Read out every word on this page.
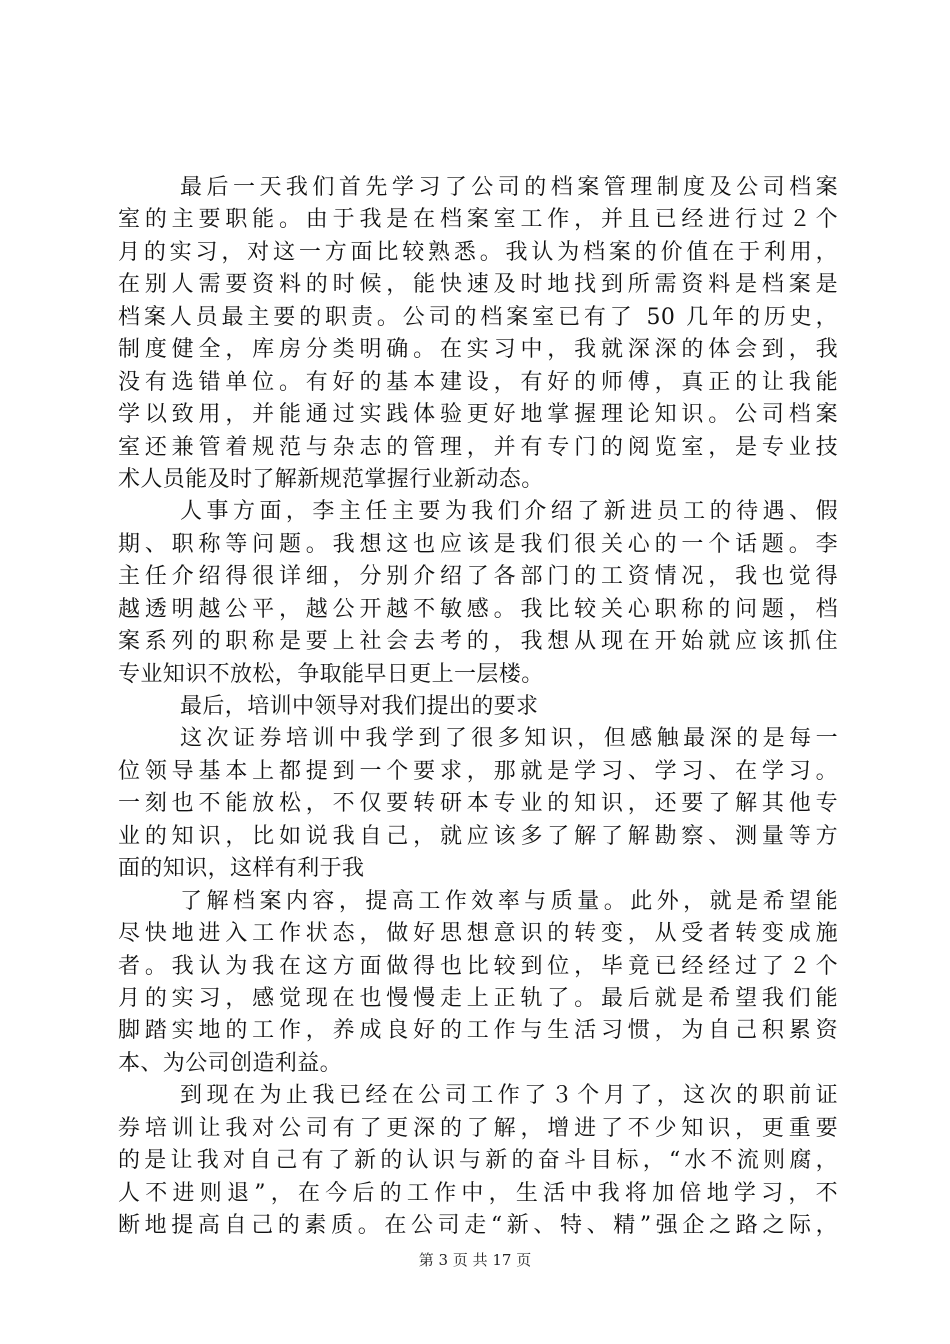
最后一天我们首先学习了公司的档案管理制度及公司档案
室的主要职能。由于我是在档案室工作，并且已经进行过２个
月的实习，对这一方面比较熟悉。我认为档案的价值在于利用，
在别人需要资料的时候，能快速及时地找到所需资料是档案是
档案人员最主要的职责。公司的档案室已有了 50 几年的历史，
制度健全，库房分类明确。在实习中，我就深深的体会到，我
没有选错单位。有好的基本建设，有好的师傅，真正的让我能
学以致用，并能通过实践体验更好地掌握理论知识。公司档案
室还兼管着规范与杂志的管理，并有专门的阅览室，是专业技
术人员能及时了解新规范掌握行业新动态。
人事方面，李主任主要为我们介绍了新进员工的待遇、假
期、职称等问题。我想这也应该是我们很关心的一个话题。李
主任介绍得很详细，分别介绍了各部门的工资情况，我也觉得
越透明越公平，越公开越不敏感。我比较关心职称的问题，档
案系列的职称是要上社会去考的，我想从现在开始就应该抓住
专业知识不放松，争取能早日更上一层楼。
最后，培训中领导对我们提出的要求
这次证券培训中我学到了很多知识，但感触最深的是每一
位领导基本上都提到一个要求，那就是学习、学习、在学习。
一刻也不能放松，不仅要转研本专业的知识，还要了解其他专
业的知识，比如说我自己，就应该多了解了解勘察、测量等方
面的知识，这样有利于我
了解档案内容，提高工作效率与质量。此外，就是希望能
尽快地进入工作状态，做好思想意识的转变，从受者转变成施
者。我认为我在这方面做得也比较到位，毕竟已经经过了２个
月的实习，感觉现在也慢慢走上正轨了。最后就是希望我们能
脚踏实地的工作，养成良好的工作与生活习惯，为自己积累资
本、为公司创造利益。
到现在为止我已经在公司工作了３个月了，这次的职前证
券培训让我对公司有了更深的了解，增进了不少知识，更重要
的是让我对自己有了新的认识与新的奋斗目标，“水不流则腐，
人不进则退”，在今后的工作中，生活中我将加倍地学习，不
断地提高自己的素质。在公司走“新、特、精”强企之路之际，
第 3 页 共 17 页
